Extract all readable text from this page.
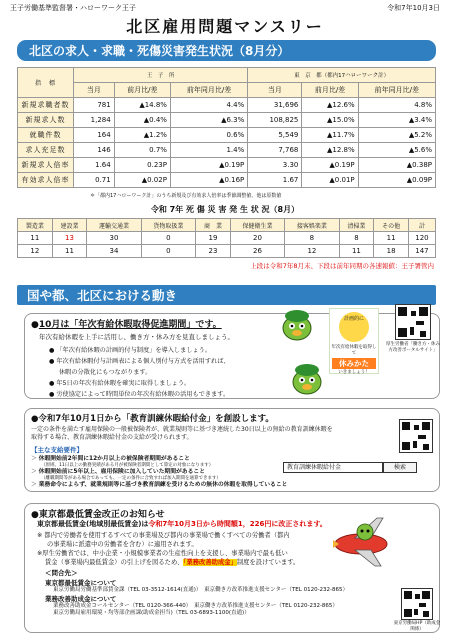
王子労働基準監督署・ハローワーク王子	令和7年10月3日
北区雇用問題マンスリー
北区の求人・求職・死傷災害発生状況（8月分）
指　標	王　子　所			東　京　都（都内17ハローワーク計）		
	当月	前月比/差	前年同月比/差	当月	前月比/差	前年同月比/差
新規求職者数	781	▲14.8%	4.4%	31,696	▲12.6%	4.8%
新規求人数	1,284	▲0.4%	▲6.3%	108,825	▲15.0%	▲3.4%
就職件数	164	▲1.2%	0.6%	5,549	▲11.7%	▲5.2%
求人充足数	146	0.7%	1.4%	7,768	▲12.8%	▲5.6%
新規求人倍率	1.64	0.23P	▲0.19P	3.30	▲0.19P	▲0.38P
有効求人倍率	0.71	▲0.02P	▲0.16P	1.67	▲0.01P	▲0.09P
＊「都内17ハローワーク計」のうち新規及び有効求人倍率は季節調整値、他は原数値
令和 7年 死 傷 災 害 発 生 状 況（8月）
製造業	建設業	運輸交通業	貨物取扱業	商　業	保健衛生業	接客娯楽業	清掃業	その他	計
11	13	30	0	19	20	8	8	11	120
12	11	34	0	23	26	12	11	18	147
上段は令和7年8月末、下段は前年同期の各速報値：王子署管内
国や都、北区における動き
●10月は「年次有給休暇取得促進期間」です。
年次有給休暇を上手に活用し、働き方・休み方を見直しましょう。
● 「年次有給休暇の計画的付与制度」を導入しましょう。
● 年次有給休暇付与計画表による個人別付与方式を活用すれば、
休暇の分散化にもつながります。
● 年5日の年次有給休暇を確実に取得しましょう。
● 労使協定によって時間単位の年次有給休暇の活用もできます。
計画的に
年次有給休暇を取得して
休みかた
いきましょう！
厚生労働省「働き方・休み方改善ポータルサイト」
●令和7年10月1日から「教育訓練休暇給付金」を創設します。
一定の条件を満たす雇用保険の一般被保険者が、就業規則等に基づき連続した30日以上の無給の教育訓練休暇を
取得する場合、教育訓練休暇給付金の支給が受けられます。
【主な支給要件】
＞ 休暇開始前2年間に12か月以上の被保険者期間があること
（原則、11日以上の勤務実績がある月が被保険者期間として算定の対象になります）
＞ 休暇開始前に5年以上、雇用保険に加入していた期間があること
（離職期間等がある場合であっても、一定の条件に合致すれば加入期間を通算できます）
＞ 業務命令によらず、就業規則等に基づき教育訓練を受けるための無休の休暇を取得していること
教育訓練休暇給付金	検索
●東京都最低賃金改正のお知らせ
東京都最低賃金(地域別最低賃金)は令和7年10月3日から時間額1，226円に改正されます。
※ 都内で労働者を使用するすべての事業場及び都内の事業場で働くすべての労働者（都内
の事業場に派遣中の労働者を含む）に適用されます。
※厚生労働省では、中小企業・小規模事業者の生産性向上を支援し、事業場内で最も低い
賃金（事業場内最低賃金）の引上げを図るため、「業務改善助成金」制度を設けています。
＜問合先＞
東京都最低賃金について
東京労働局労働基準部賃金課（TEL 03-3512-1614(直通)）　東京働き方改革推進支援センター（TEL 0120-232-865）
業務改善助成金について
業務改善助成金コールセンター（TEL 0120-366-440）　東京働き方改革推進支援センター（TEL 0120-232-865）
東京労働局雇用環境・均等部企画課(助成金担当)（TEL 03-6893-1100(直通)）
東京労働局HP（助成金関係）
